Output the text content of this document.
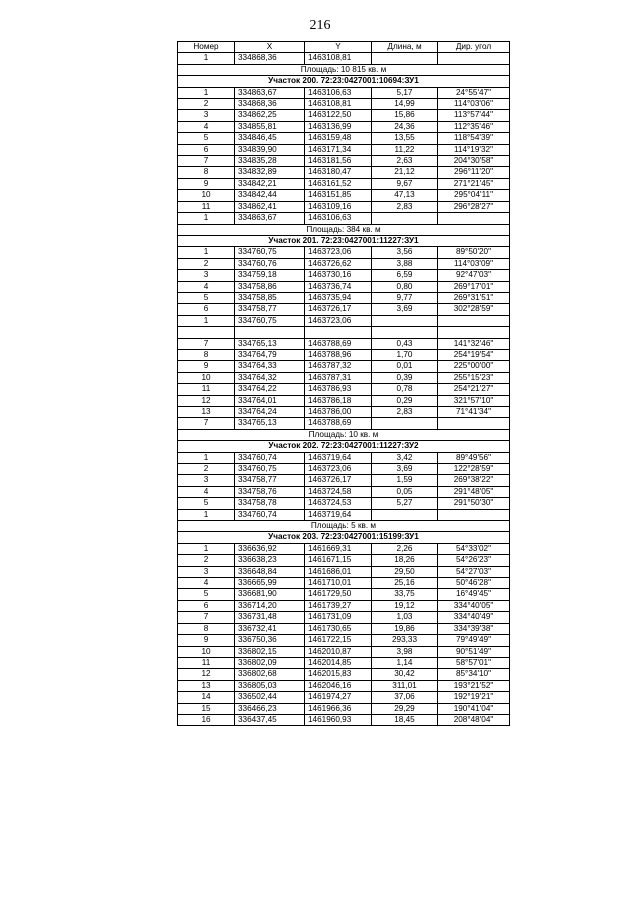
216
Номер	X	Y	Длина, м	Дир. угол
1	334868,36	1463108,81		
Площадь: 10 815 кв. м				
Участок 200. 72:23:0427001:10694:ЗУ1				
1	334863,67	1463106,63	5,17	24°55'47"
2	334868,36	1463108,81	14,99	114°03'06"
3	334862,25	1463122,50	15,86	113°57'44"
4	334855,81	1463136,99	24,36	112°35'46"
5	334846,45	1463159,48	13,55	118°54'39"
6	334839,90	1463171,34	11,22	114°19'32"
7	334835,28	1463181,56	2,63	204°30'58"
8	334832,89	1463180,47	21,12	296°11'20"
9	334842,21	1463161,52	9,67	271°21'45"
10	334842,44	1463151,85	47,13	295°04'11"
11	334862,41	1463109,16	2,83	296°28'27"
1	334863,67	1463106,63		
Площадь: 384 кв. м				
Участок 201. 72:23:0427001:11227:ЗУ1				
1	334760,75	1463723,06	3,56	89°50'20"
2	334760,76	1463726,62	3,88	114°03'09"
3	334759,18	1463730,16	6,59	92°47'03"
4	334758,86	1463736,74	0,80	269°17'01"
5	334758,85	1463735,94	9,77	269°31'51"
6	334758,77	1463726,17	3,69	302°28'59"
1	334760,75	1463723,06		

7	334765,13	1463788,69	0,43	141°32'46"
8	334764,79	1463788,96	1,70	254°19'54"
9	334764,33	1463787,32	0,01	225°00'00"
10	334764,32	1463787,31	0,39	255°15'23"
11	334764,22	1463786,93	0,78	254°21'27"
12	334764,01	1463786,18	0,29	321°57'10"
13	334764,24	1463786,00	2,83	71°41'34"
7	334765,13	1463788,69		
Площадь: 10 кв. м				
Участок 202. 72:23:0427001:11227:ЗУ2				
1	334760,74	1463719,64	3,42	89°49'56"
2	334760,75	1463723,06	3,69	122°28'59"
3	334758,77	1463726,17	1,59	269°38'22"
4	334758,76	1463724,58	0,05	291°48'05"
5	334758,78	1463724,53	5,27	291°50'30"
1	334760,74	1463719,64		
Площадь: 5 кв. м				
Участок 203. 72:23:0427001:15199:ЗУ1				
1	336636,92	1461669,31	2,26	54°33'02"
2	336638,23	1461671,15	18,26	54°26'23"
3	336648,84	1461686,01	29,50	54°27'03"
4	336665,99	1461710,01	25,16	50°46'28"
5	336681,90	1461729,50	33,75	16°49'45"
6	336714,20	1461739,27	19,12	334°40'05"
7	336731,48	1461731,09	1,03	334°40'49"
8	336732,41	1461730,65	19,86	334°39'38"
9	336750,36	1461722,15	293,33	79°49'49"
10	336802,15	1462010,87	3,98	90°51'49"
11	336802,09	1462014,85	1,14	58°57'01"
12	336802,68	1462015,83	30,42	85°34'10"
13	336805,03	1462046,16	311,01	193°21'52"
14	336502,44	1461974,27	37,06	192°19'21"
15	336466,23	1461966,36	29,29	190°41'04"
16	336437,45	1461960,93	18,45	208°48'04"
